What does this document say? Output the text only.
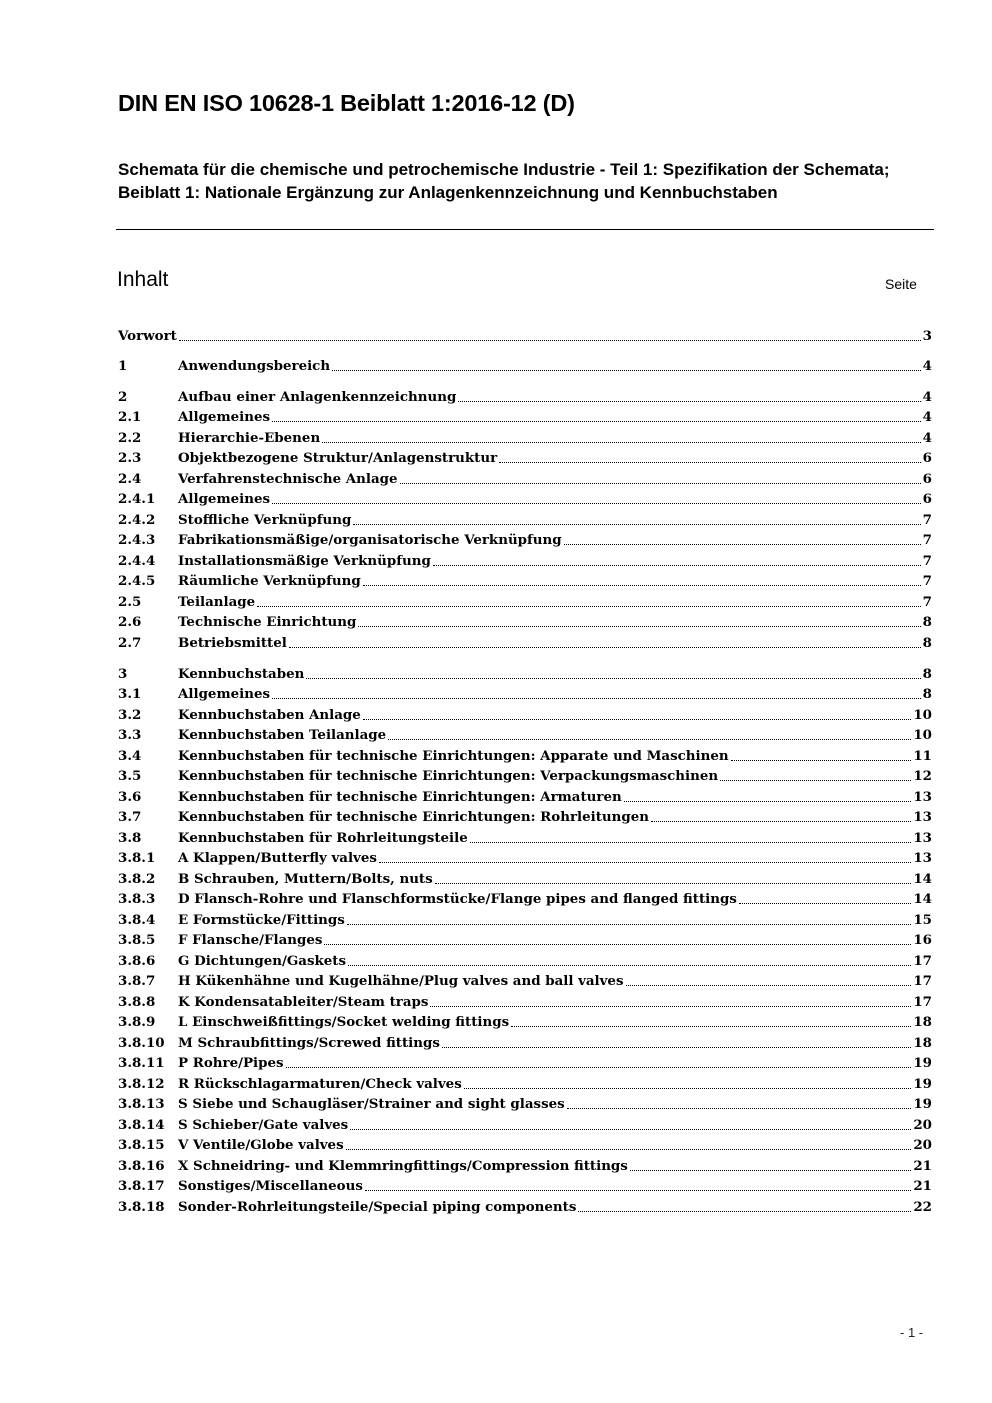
DIN EN ISO 10628-1 Beiblatt 1:2016-12 (D)
Schemata für die chemische und petrochemische Industrie - Teil 1: Spezifikation der Schemata; Beiblatt 1: Nationale Ergänzung zur Anlagenkennzeichnung und Kennbuchstaben
Inhalt	Seite
Vorwort	3
1	Anwendungsbereich	4
2	Aufbau einer Anlagenkennzeichnung	4
2.1	Allgemeines	4
2.2	Hierarchie-Ebenen	4
2.3	Objektbezogene Struktur/Anlagenstruktur	6
2.4	Verfahrenstechnische Anlage	6
2.4.1	Allgemeines	6
2.4.2	Stoffliche Verknüpfung	7
2.4.3	Fabrikationsmäßige/organisatorische Verknüpfung	7
2.4.4	Installationsmäßige Verknüpfung	7
2.4.5	Räumliche Verknüpfung	7
2.5	Teilanlage	7
2.6	Technische Einrichtung	8
2.7	Betriebsmittel	8
3	Kennbuchstaben	8
3.1	Allgemeines	8
3.2	Kennbuchstaben Anlage	10
3.3	Kennbuchstaben Teilanlage	10
3.4	Kennbuchstaben für technische Einrichtungen: Apparate und Maschinen	11
3.5	Kennbuchstaben für technische Einrichtungen: Verpackungsmaschinen	12
3.6	Kennbuchstaben für technische Einrichtungen: Armaturen	13
3.7	Kennbuchstaben für technische Einrichtungen: Rohrleitungen	13
3.8	Kennbuchstaben für Rohrleitungsteile	13
3.8.1	A Klappen/Butterfly valves	13
3.8.2	B Schrauben, Muttern/Bolts, nuts	14
3.8.3	D Flansch-Rohre und Flanschformstücke/Flange pipes and flanged fittings	14
3.8.4	E Formstücke/Fittings	15
3.8.5	F Flansche/Flanges	16
3.8.6	G Dichtungen/Gaskets	17
3.8.7	H Kükenhähne und Kugelhähne/Plug valves and ball valves	17
3.8.8	K Kondensatableiter/Steam traps	17
3.8.9	L Einschweißfittings/Socket welding fittings	18
3.8.10	M Schraubfittings/Screwed fittings	18
3.8.11	P Rohre/Pipes	19
3.8.12	R Rückschlagarmaturen/Check valves	19
3.8.13	S Siebe und Schaugläser/Strainer and sight glasses	19
3.8.14	S Schieber/Gate valves	20
3.8.15	V Ventile/Globe valves	20
3.8.16	X Schneidring- und Klemmringfittings/Compression fittings	21
3.8.17	Sonstiges/Miscellaneous	21
3.8.18	Sonder-Rohrleitungsteile/Special piping components	22
- 1 -
